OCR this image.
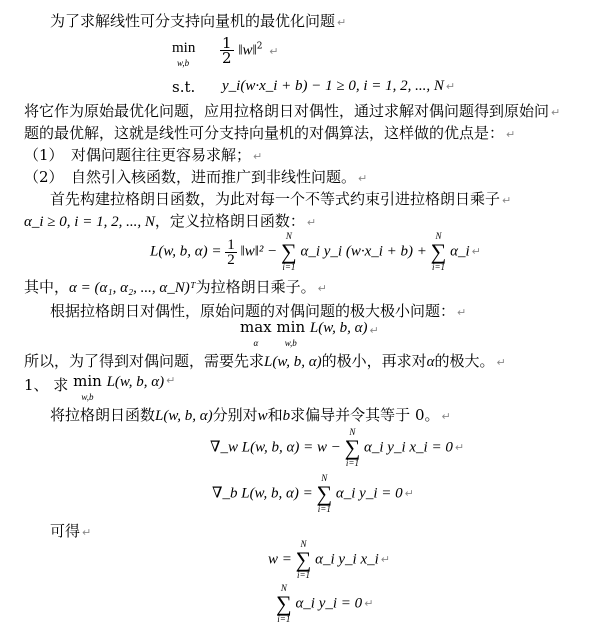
为了求解线性可分支持向量机的最优化问题 ↵
min
$w,b \frac{1}{2}$ ‖w‖$^2$ ↵
s.t. y_i(w·x_i + b) − 1 ≥ 0, i = 1, 2, ..., N ↵
将它作为原始最优化问题，应用拉格朗日对偶性，通过求解对偶问题得到原始问 ↵
题的最优解，这就是线性可分支持向量机的对偶算法，这样做的优点是： ↵
（1）　对偶问题往往更容易求解； ↵
（2）　自然引入核函数，进而推广到非线性问题。 ↵
首先构建拉格朗日函数，为此对每一个不等式约束引进拉格朗日乘子 ↵
α_i ≥ 0, i = 1, 2, ..., N，定义拉格朗日函数： ↵
L(w, b, $\alpha) = \frac{1}{2}$ ‖w‖² −
N
∑
i=1
α_i y_i (w·x_i + b) +
N
∑
i=1
α_i ↵
其中，α = (α₁, α₂, ..., α_N)ᵀ为拉格朗日乘子。 ↵
根据拉格朗日对偶性，原始问题的对偶问题的极大极小问题： ↵
max
α min
w,b L(w, b, α) ↵
所以，为了得到对偶问题，需要先求L(w, b, α)的极小，再求对α的极大。 ↵
1、 求 min
w,b L(w, b, α) ↵
将拉格朗日函数L(w, b, α)分别对w和b求偏导并令其等于 0。 ↵
∇_w L(w, b, α) = w −
N
∑
i=1
α_i y_i x_i = 0 ↵
∇_b L(w, b, α) =
N
∑
i=1
α_i y_i = 0 ↵
可得 ↵
w =
N
∑
i=1
α_i y_i x_i ↵
N
∑
i=1
α_i y_i = 0 ↵
